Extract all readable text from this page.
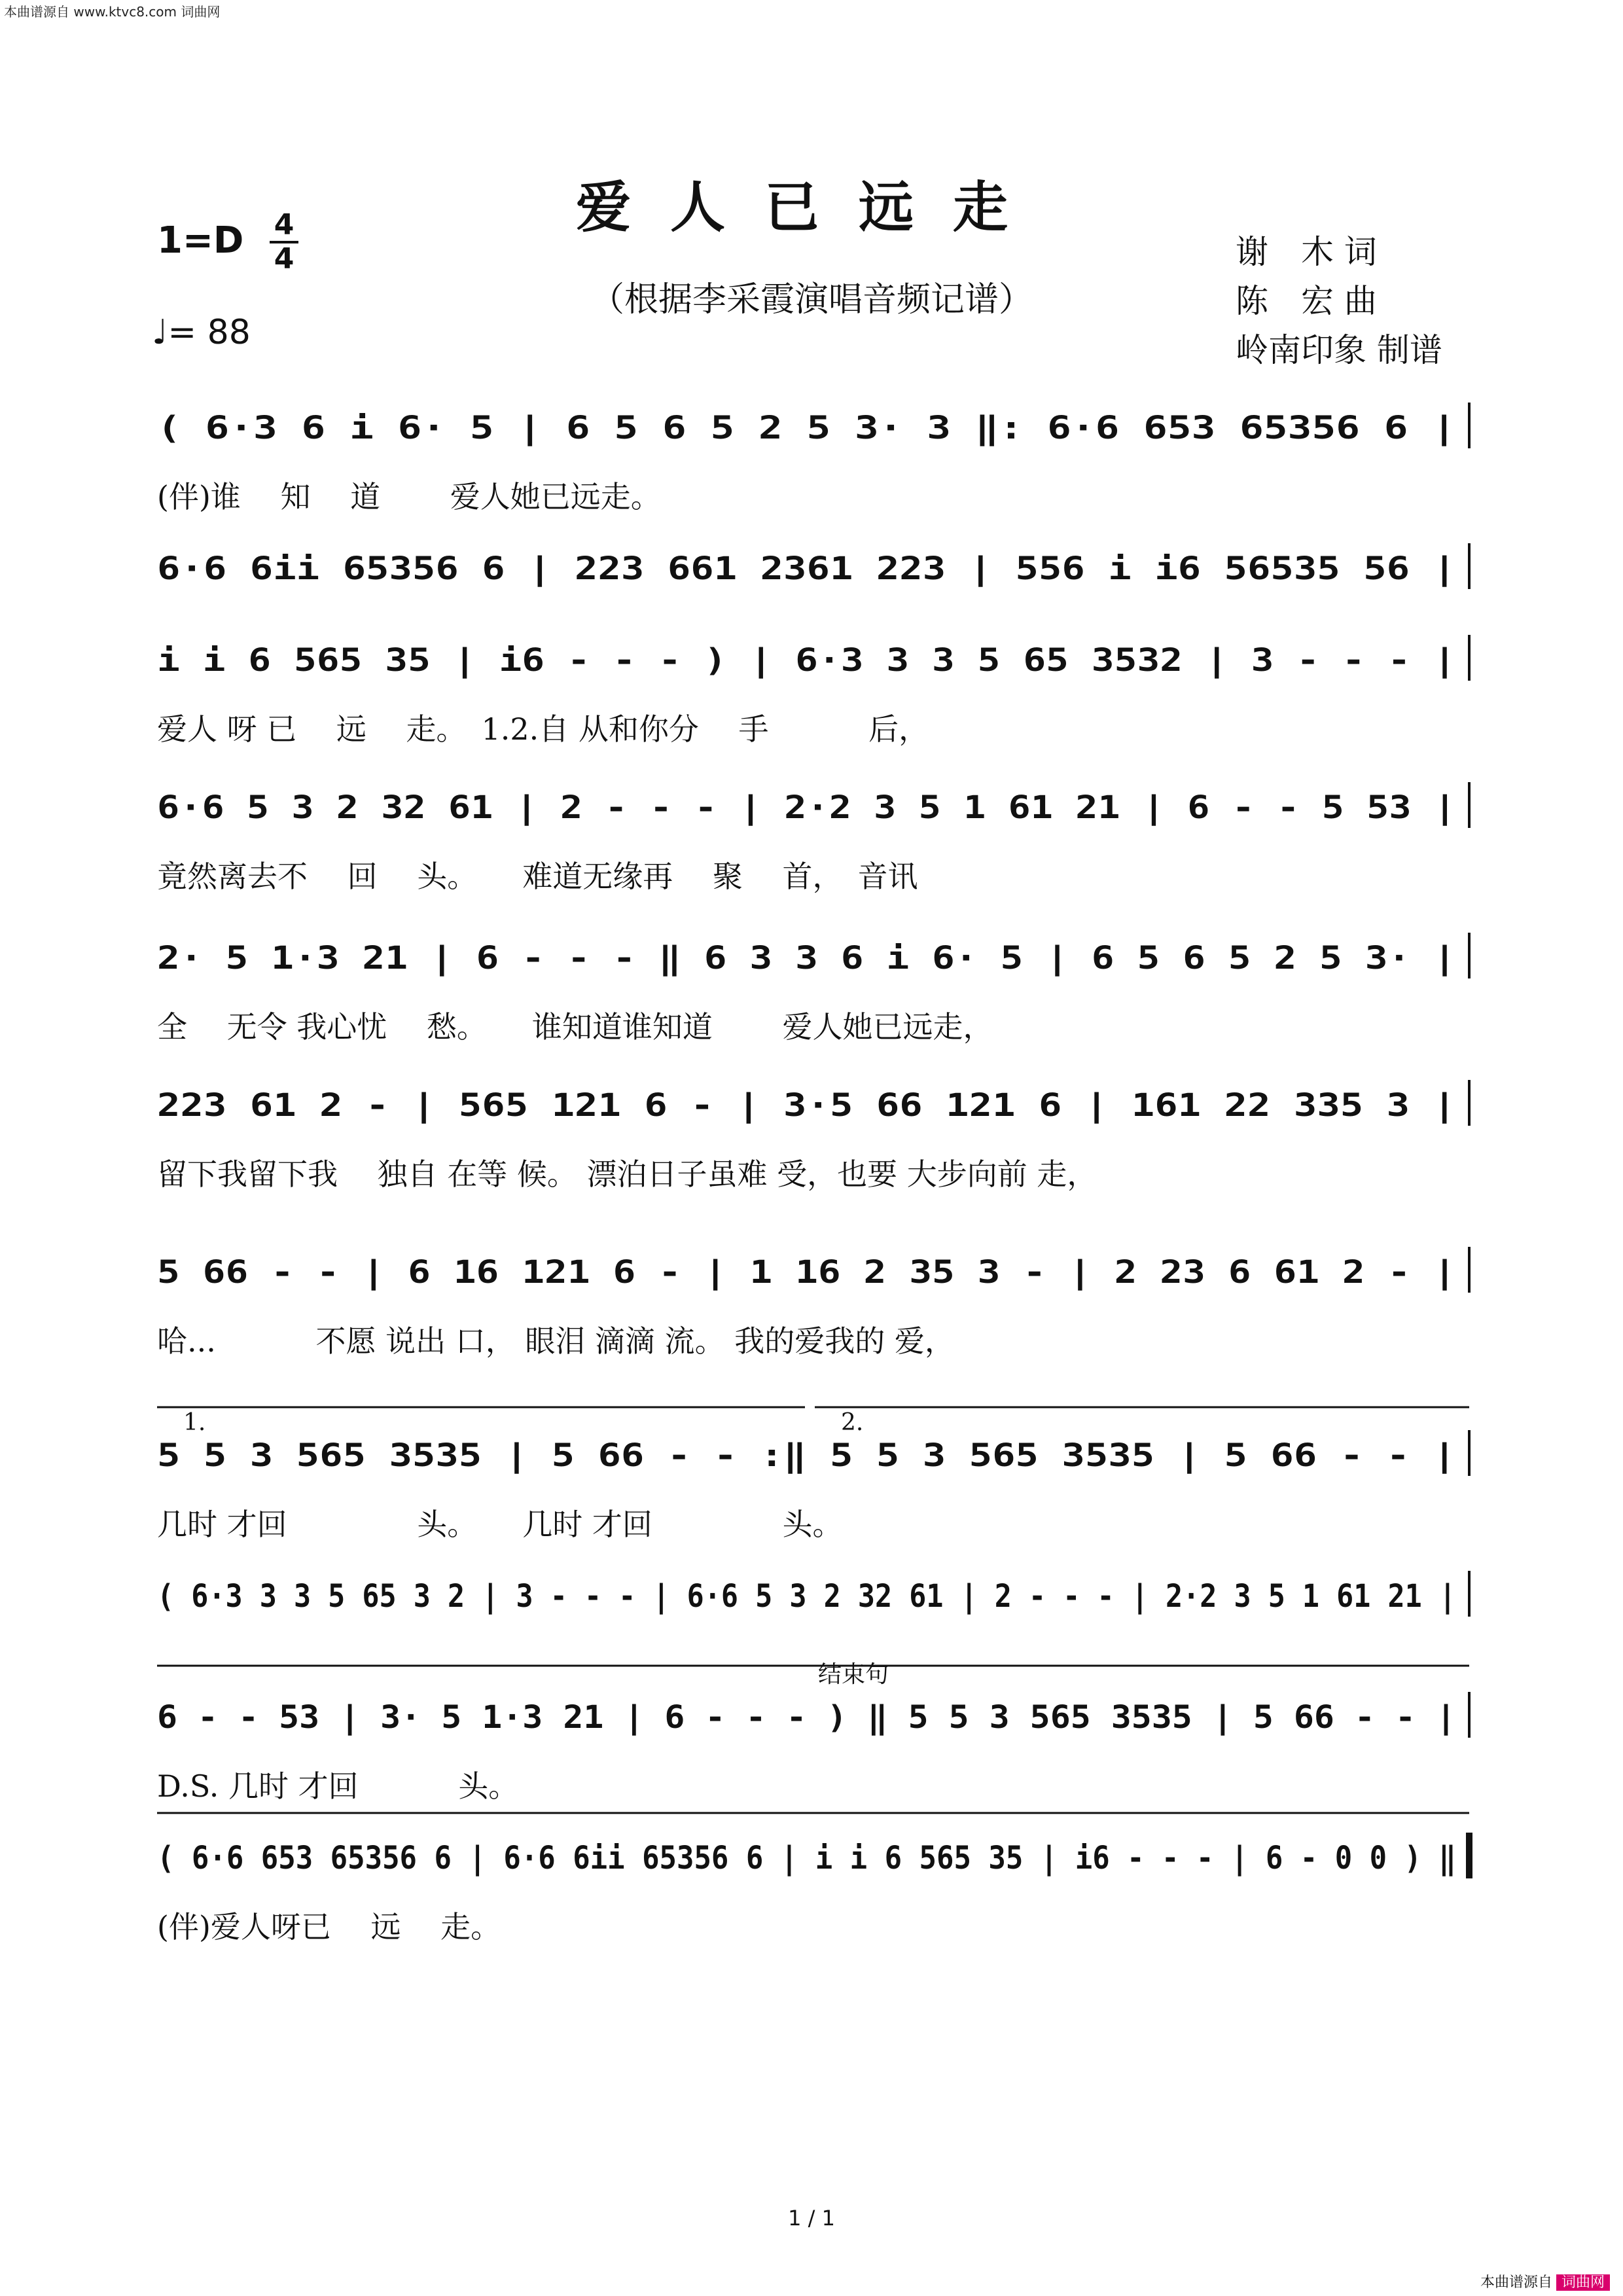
本曲谱源自 www.ktvc8.com 词曲网
爱人已远走
（根据李采霞演唱音频记谱）
$1=D \frac{4}{4}$
♩= 88
谢　木 词
陈　宏 曲
岭南印象 制谱
( 6·3 6 i 6· 5 | 6 5 6 5 2 5 3· 3 ‖: 6·6 653 65356 6 |
(伴)谁　 知　 道　　 爱人她已远走。
6·6 6ii 65356 6 | 223 661 2361 223 | 556 i i6 56535 56 |
i i 6 565 35 | i6 - - - ) | 6·3 3 3 5 65 3532 | 3 - - - |
爱人 呀 已　 远　 走。　1.2.自 从和你分　 手　　　 后，
6·6 5 3 2 32 61 | 2 - - - | 2·2 3 5 1 61 21 | 6 - - 5 53 |
竟然离去不　 回　 头。　　难道无缘再　 聚　 首，　音讯
2· 5 1·3 21 | 6 - - - ‖ 6 3 3 6 i 6· 5 | 6 5 6 5 2 5 3· |
全　 无令 我心忧　 愁。　　谁知道谁知道　　 爱人她已远走，
223 61 2 - | 565 121 6 - | 3·5 66 121 6 | 161 22 335 3 |
留下我留下我　 独自 在等 候。 漂泊日子虽难 受，也要 大步向前 走，
5 66 - - | 6 16 121 6 - | 1 16 2 35 3 - | 2 23 6 61 2 - |
哈...　　　 不愿 说出 口， 眼泪 滴滴 流。 我的爱我的 爱，
5 5 3 565 3535 | 5 66 - - :‖ 5 5 3 565 3535 | 5 66 - - |
几时 才回　　　　 头。　　几时 才回　　　　 头。
1.	2.
( 6·3 3 3 5 65 3 2 | 3 - - - | 6·6 5 3 2 32 61 | 2 - - - | 2·2 3 5 1 61 21 |
6 - - 53 | 3· 5 1·3 21 | 6 - - - ) ‖ 5 5 3 565 3535 | 5 66 - - |
D.S. 几时 才回　　　 头。
结束句
( 6·6 653 65356 6 | 6·6 6ii 65356 6 | i i 6 565 35 | i6 - - - | 6 - 0 0 ) ‖
(伴)爱人呀已　 远　 走。
1 / 1
本曲谱源自 词曲网
